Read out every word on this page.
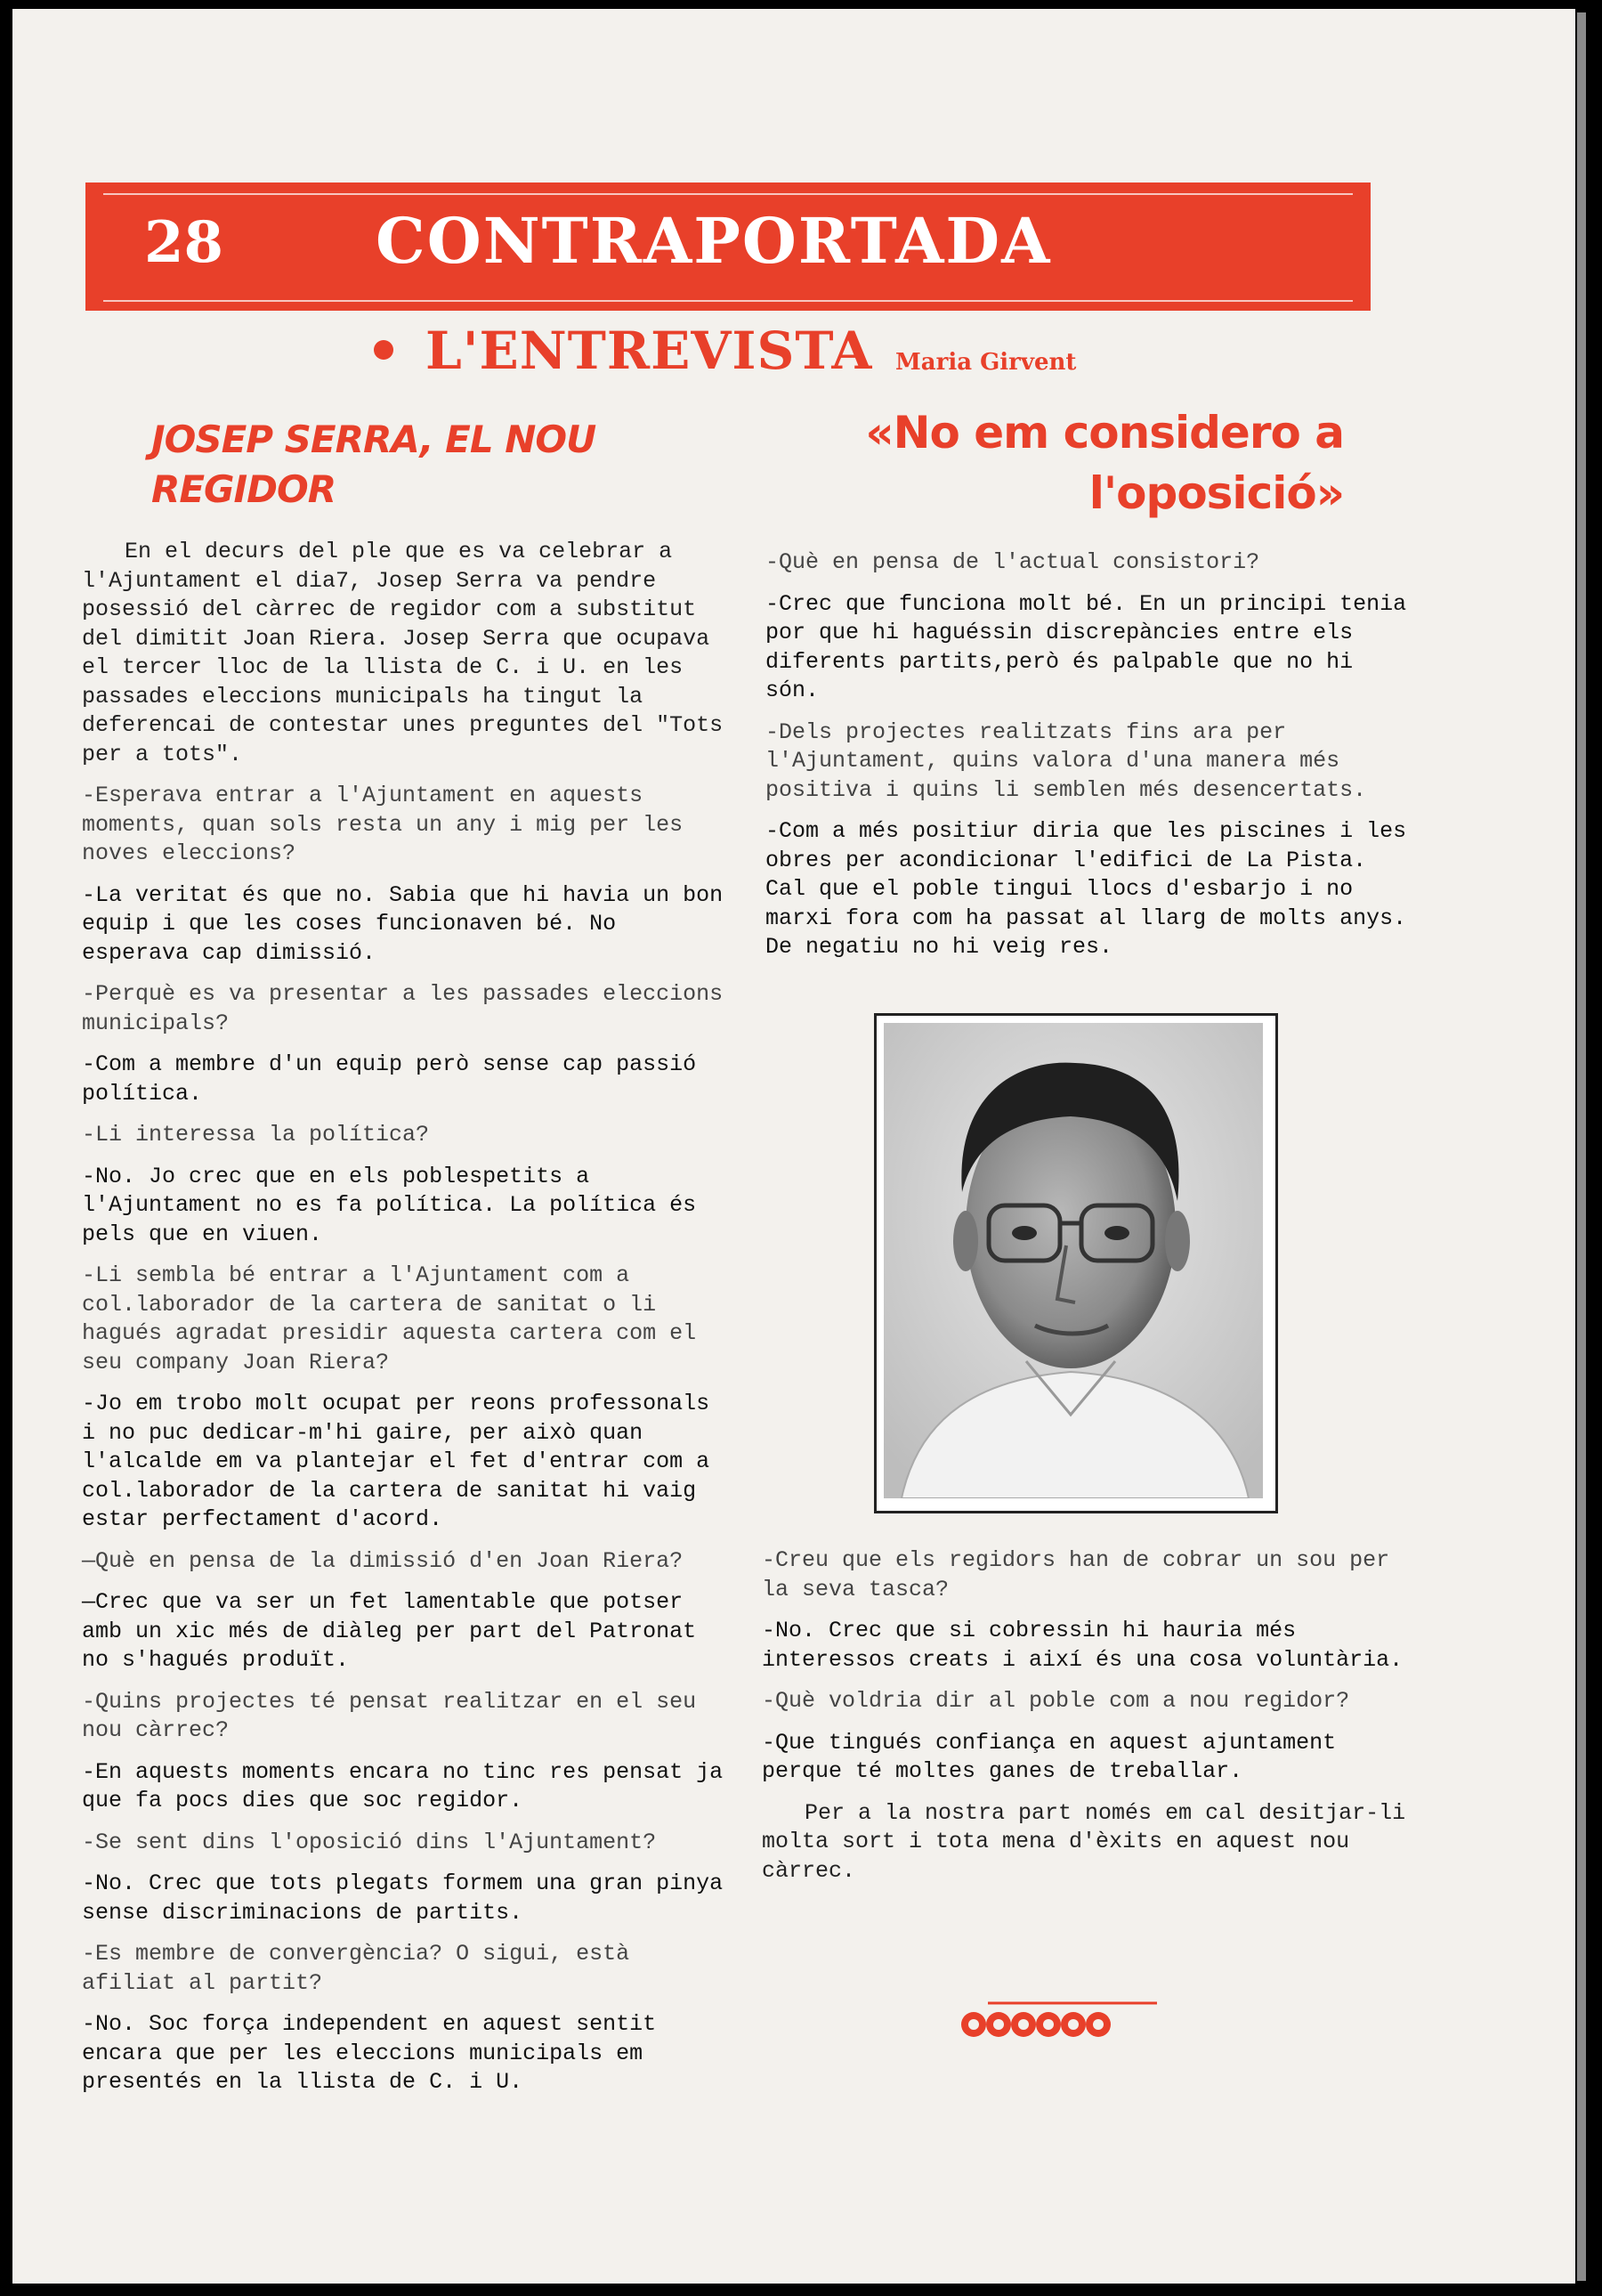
28 CONTRAPORTADA
L'ENTREVISTA Maria Girvent
JOSEP SERRA, EL NOU REGIDOR
«No em considero a l'oposició»

En el decurs del ple que es va celebrar a l'Ajuntament el dia7, Josep Serra va pendre posessió del càrrec de regidor com a substitut del dimitit Joan Riera. Josep Serra que ocupava el tercer lloc de la llista de C. i U. en les passades eleccions municipals ha tingut la deferencai de contestar unes preguntes del "Tots per a tots".

-Esperava entrar a l'Ajuntament en aquests moments, quan sols resta un any i mig per les noves eleccions?

-La veritat és que no. Sabia que hi havia un bon equip i que les coses funcionaven bé. No esperava cap dimissió.

-Perquè es va presentar a les passades eleccions municipals?

-Com a membre d'un equip però sense cap passió política.

-Li interessa la política?

-No. Jo crec que en els poblespetits a l'Ajuntament no es fa política. La política és pels que en viuen.

-Li sembla bé entrar a l'Ajuntament com a col.laborador de la cartera de sanitat o li hagués agradat presidir aquesta cartera com el seu company Joan Riera?

-Jo em trobo molt ocupat per reons professonals i no puc dedicar-m'hi gaire, per això quan l'alcalde em va plantejar el fet d'entrar com a col.laborador de la cartera de sanitat hi vaig estar perfectament d'acord.

—Què en pensa de la dimissió d'en Joan Riera?

—Crec que va ser un fet lamentable que potser amb un xic més de diàleg per part del Patronat no s'hagués produït.

-Quins projectes té pensat realitzar en el seu nou càrrec?

-En aquests moments encara no tinc res pensat ja que fa pocs dies que soc regidor.

-Se sent dins l'oposició dins l'Ajuntament?

-No. Crec que tots plegats formem una gran pinya sense discriminacions de partits.

-Es membre de convergència? O sigui, està afiliat al partit?

-No. Soc força independent en aquest sentit encara que per les eleccions municipals em presentés en la llista de C. i U.

-Què en pensa de l'actual consistori?

-Crec que funciona molt bé. En un principi tenia por que hi haguéssin discrepàncies entre els diferents partits,però és palpable que no hi són.

-Dels projectes realitzats fins ara per l'Ajuntament, quins valora d'una manera més positiva i quins li semblen més desencertats.

-Com a més positiur diria que les piscines i les obres per acondicionar l'edifici de La Pista. Cal que el poble tingui llocs d'esbarjo i no marxi fora com ha passat al llarg de molts anys. De negatiu no hi veig res.

-Creu que els regidors han de cobrar un sou per la seva tasca?

-No. Crec que si cobressin hi hauria més interessos creats i així és una cosa voluntària.

-Què voldria dir al poble com a nou regidor?

-Que tingués confiança en aquest ajuntament perque té moltes ganes de treballar.

Per a la nostra part només em cal desitjar-li molta sort i tota mena d'èxits en aquest nou càrrec.
